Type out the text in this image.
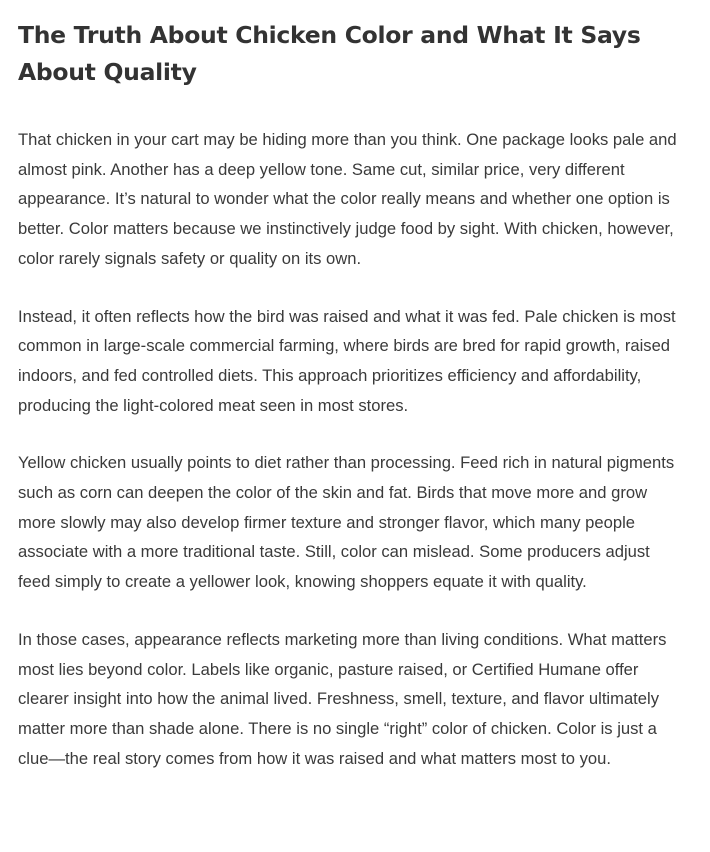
The Truth About Chicken Color and What It Says About Quality

That chicken in your cart may be hiding more than you think. One package looks pale and almost pink. Another has a deep yellow tone. Same cut, similar price, very different appearance. It’s natural to wonder what the color really means and whether one option is better. Color matters because we instinctively judge food by sight. With chicken, however, color rarely signals safety or quality on its own.

Instead, it often reflects how the bird was raised and what it was fed. Pale chicken is most common in large-scale commercial farming, where birds are bred for rapid growth, raised indoors, and fed controlled diets. This approach prioritizes efficiency and affordability, producing the light-colored meat seen in most stores.

Yellow chicken usually points to diet rather than processing. Feed rich in natural pigments such as corn can deepen the color of the skin and fat. Birds that move more and grow more slowly may also develop firmer texture and stronger flavor, which many people associate with a more traditional taste. Still, color can mislead. Some producers adjust feed simply to create a yellower look, knowing shoppers equate it with quality.

In those cases, appearance reflects marketing more than living conditions. What matters most lies beyond color. Labels like organic, pasture raised, or Certified Humane offer clearer insight into how the animal lived. Freshness, smell, texture, and flavor ultimately matter more than shade alone. There is no single “right” color of chicken. Color is just a clue—the real story comes from how it was raised and what matters most to you.
